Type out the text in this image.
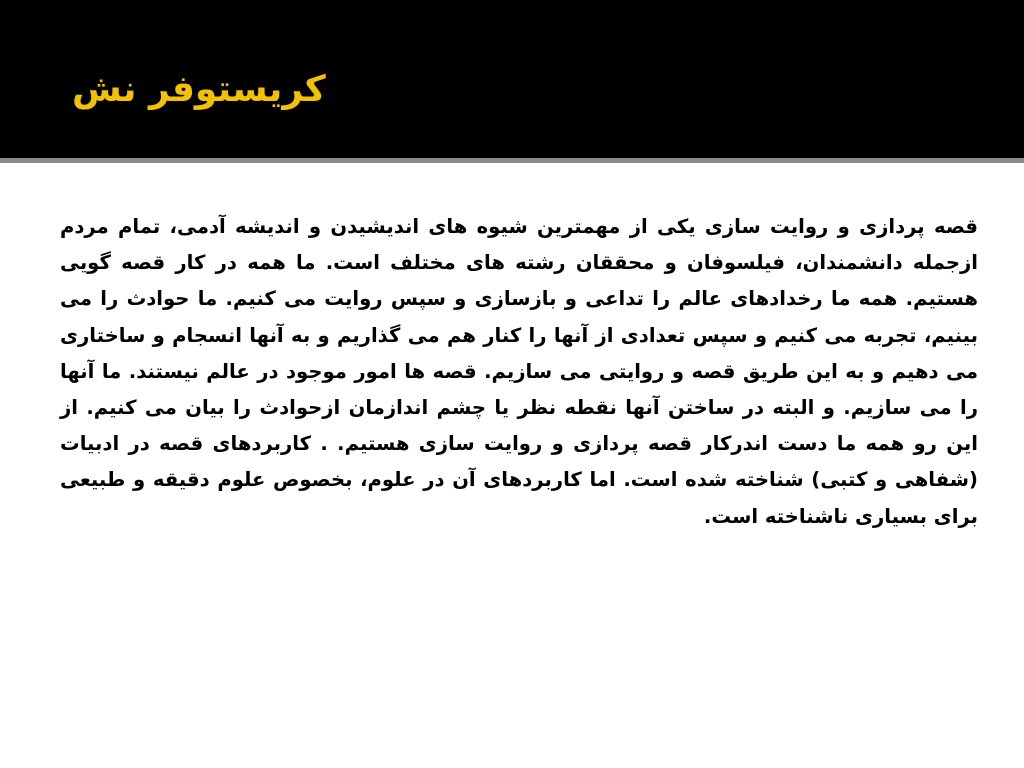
کریستوفر نش

قصه پردازی و روایت سازی یکی از مهمترین شیوه های اندیشیدن و اندیشه آدمی، تمام مردم ازجمله دانشمندان، فیلسوفان و محققان رشته های مختلف است. ما همه در کار قصه گویی هستیم. همه ما رخدادهای عالم را تداعی و بازسازی و سپس روایت می کنیم. ما حوادث را می بینیم، تجربه می کنیم و سپس تعدادی از آنها را کنار هم می گذاریم و به آنها انسجام و ساختاری می دهیم و به این طریق قصه و روایتی می سازیم. قصه ها امور موجود در عالم نیستند. ما آنها را می سازیم. و البته در ساختن آنها نقطه نظر یا چشم اندازمان ازحوادث را بیان می کنیم. از این رو همه ما دست اندرکار قصه پردازی و روایت سازی هستیم. . کاربردهای قصه در ادبیات (شفاهی و کتبی) شناخته شده است. اما کاربردهای آن در علوم، بخصوص علوم دقیقه و طبیعی برای بسیاری ناشناخته است.
